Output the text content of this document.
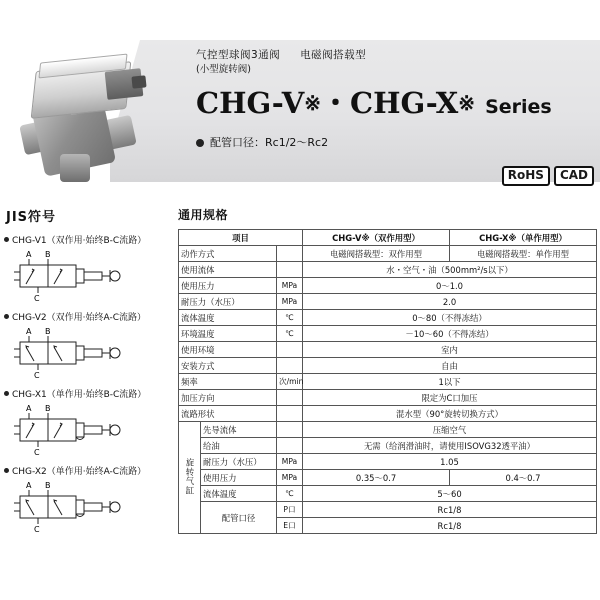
气控型球阀3通阀 电磁阀搭载型
(小型旋转阀)
CHG-V※・CHG-X※ Series
配管口径：Rc1/2～Rc2
RoHS	CAD
JIS符号
CHG-V1（双作用·始终B-C流路）
A B
C
CHG-V2（双作用·始终A-C流路）
A B
C
CHG-X1（单作用·始终B-C流路）
A B
C
CHG-X2（单作用·始终A-C流路）
A B
C
通用规格
项目			CHG-V※（双作用型）	CHG-X※（单作用型）
动作方式			电磁阀搭载型：双作用型	电磁阀搭载型：单作用型
使用流体			水・空气・油（500mm²/s以下）	
使用压力		MPa	0～1.0	
耐压力（水压）		MPa	2.0	
流体温度		℃	0～80（不得冻结）	
环境温度		℃	－10～60（不得冻结）	
使用环境			室内	
安装方式			自由	
频率		次/min	1以下	
加压方向			限定为C口加压	
流路形状			混水型（90°旋转切换方式）	
旋转气缸	先导流体		压缩空气	
	给油		无需（给润滑油时，请使用ISOVG32透平油）	
	耐压力（水压）	MPa	1.05	
	使用压力	MPa	0.35～0.7	0.4～0.7
	流体温度	℃	5～60	
	配管口径	P口	Rc1/8	
		E口	Rc1/8	
